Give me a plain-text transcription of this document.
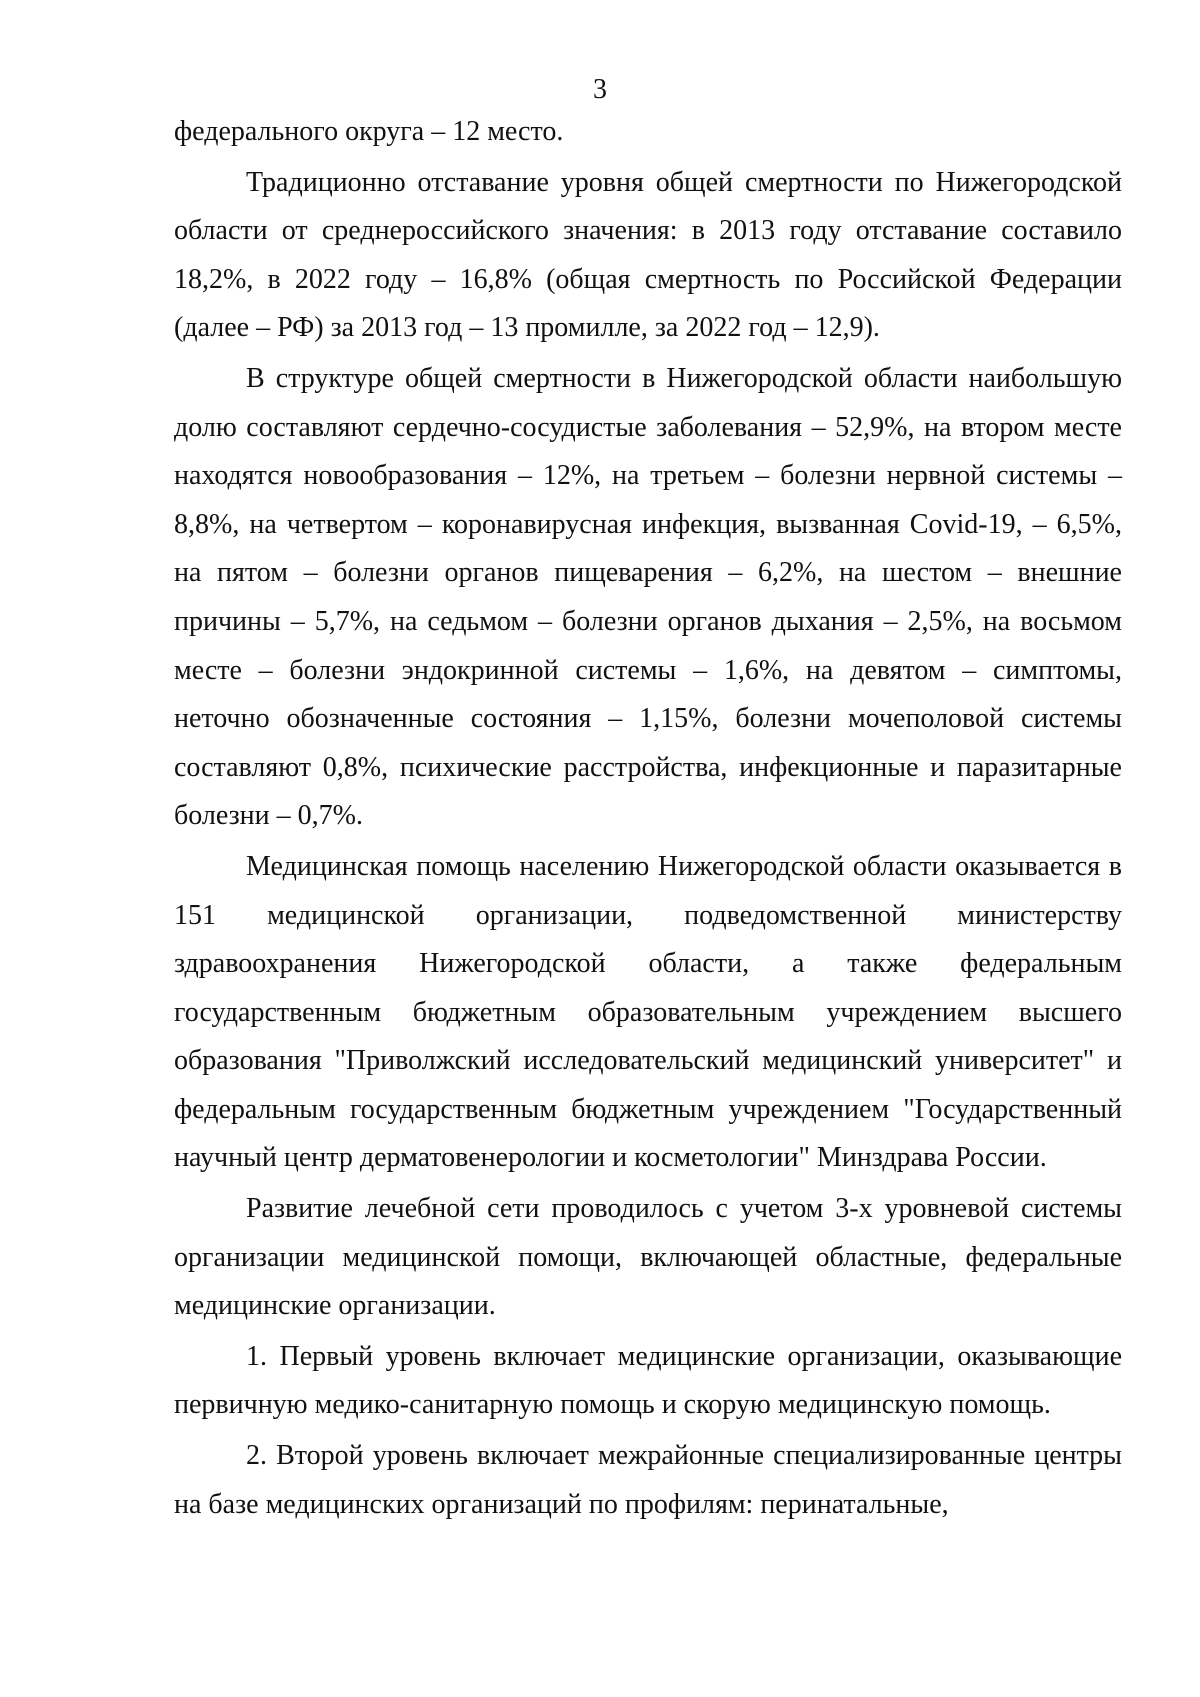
3

федерального округа – 12 место.

Традиционно отставание уровня общей смертности по Нижегородской области от среднероссийского значения: в 2013 году отставание составило 18,2%, в 2022 году – 16,8% (общая смертность по Российской Федерации (далее – РФ) за 2013 год – 13 промилле, за 2022 год – 12,9).

В структуре общей смертности в Нижегородской области наибольшую долю составляют сердечно-сосудистые заболевания – 52,9%, на втором месте находятся новообразования – 12%, на третьем – болезни нервной системы – 8,8%, на четвертом – коронавирусная инфекция, вызванная Covid-19, – 6,5%, на пятом – болезни органов пищеварения – 6,2%, на шестом – внешние причины – 5,7%, на седьмом – болезни органов дыхания – 2,5%, на восьмом месте – болезни эндокринной системы – 1,6%, на девятом – симптомы, неточно обозначенные состояния – 1,15%, болезни мочеполовой системы составляют 0,8%, психические расстройства, инфекционные и паразитарные болезни – 0,7%.

Медицинская помощь населению Нижегородской области оказывается в 151 медицинской организации, подведомственной министерству здравоохранения Нижегородской области, а также федеральным государственным бюджетным образовательным учреждением высшего образования "Приволжский исследовательский медицинский университет" и федеральным государственным бюджетным учреждением "Государственный научный центр дерматовенерологии и косметологии" Минздрава России.

Развитие лечебной сети проводилось с учетом 3-х уровневой системы организации медицинской помощи, включающей областные, федеральные медицинские организации.

1. Первый уровень включает медицинские организации, оказывающие первичную медико-санитарную помощь и скорую медицинскую помощь.

2. Второй уровень включает межрайонные специализированные центры на базе медицинских организаций по профилям: перинатальные,
